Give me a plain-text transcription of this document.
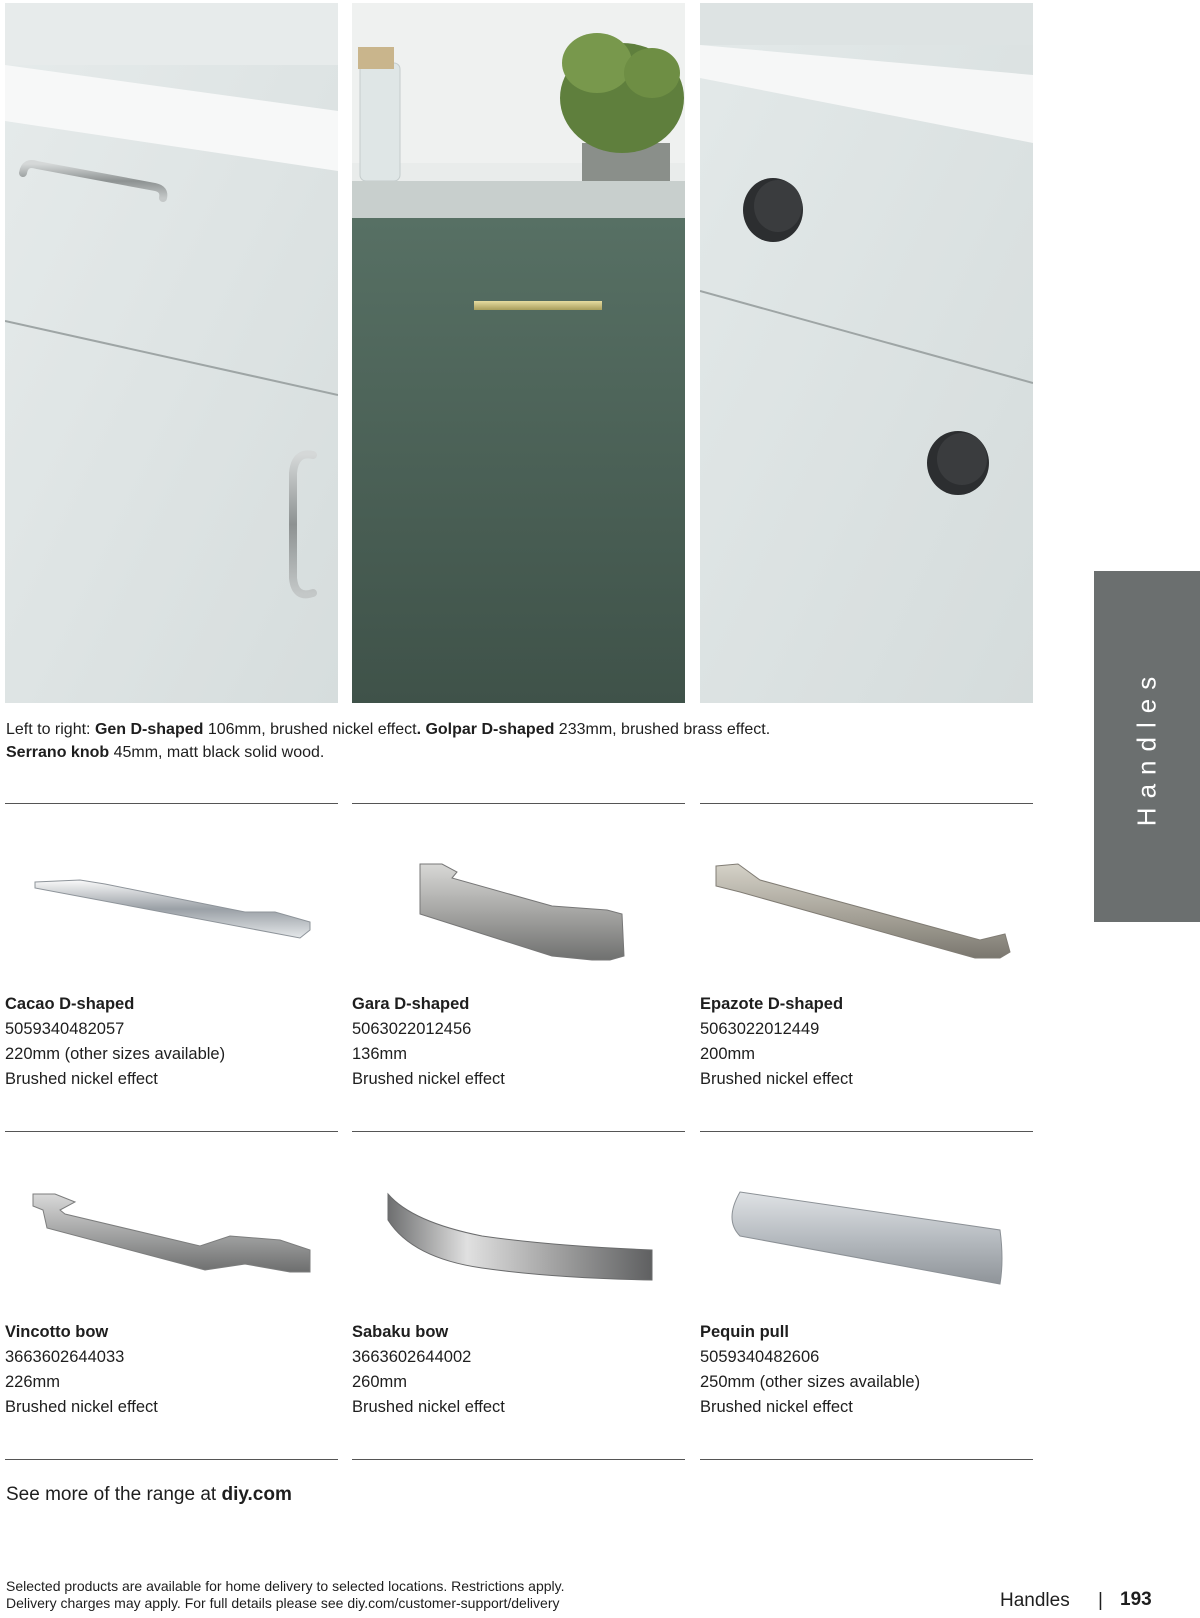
Left to right: Gen D-shaped 106mm, brushed nickel effect. Golpar D-shaped 233mm, brushed brass effect.
Serrano knob 45mm, matt black solid wood.
Cacao D-shaped
5059340482057
220mm (other sizes available)
Brushed nickel effect
Gara D-shaped
5063022012456
136mm
Brushed nickel effect
Epazote D-shaped
5063022012449
200mm
Brushed nickel effect
Vincotto bow
3663602644033
226mm
Brushed nickel effect
Sabaku bow
3663602644002
260mm
Brushed nickel effect
Pequin pull
5059340482606
250mm (other sizes available)
Brushed nickel effect
See more of the range at diy.com
Selected products are available for home delivery to selected locations. Restrictions apply.
Delivery charges may apply. For full details please see diy.com/customer-support/delivery	Handles | 193
Handles
